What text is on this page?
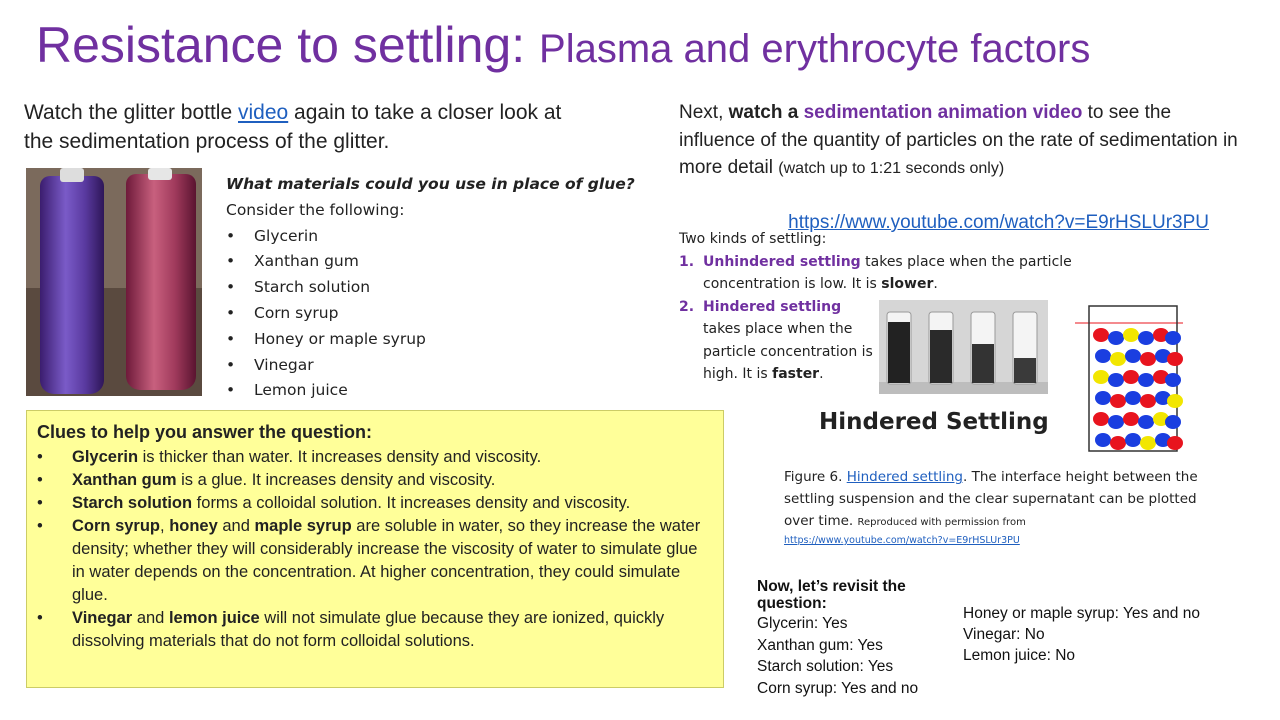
Watch the glitter bottle video again to take a closer look at the sedimentation process of the glitter.
Resistance to settling: Plasma and erythrocyte factors
Next, watch a sedimentation animation video to see the influence of the quantity of particles on the rate of sedimentation in more detail (watch up to 1:21 seconds only)
https://www.youtube.com/watch?v=E9rHSLUr3PU
What materials could you use in place of glue?
Consider the following:
• Glycerin
• Xanthan gum
• Starch solution
• Corn syrup
• Honey or maple syrup
• Vinegar
• Lemon juice
Clues to help you answer the question:
• Glycerin is thicker than water. It increases density and viscosity.
• Xanthan gum is a glue. It increases density and viscosity.
• Starch solution forms a colloidal solution. It increases density and viscosity.
• Corn syrup, honey and maple syrup are soluble in water, so they increase the water density; whether they will considerably increase the viscosity of water to simulate glue in water depends on the concentration. At higher concentration, they could simulate glue.
• Vinegar and lemon juice will not simulate glue because they are ionized, quickly dissolving materials that do not form colloidal solutions.
Two kinds of settling:
1. Unhindered settling takes place when the particle concentration is low. It is slower.
2. Hindered settling takes place when the particle concentration is high. It is faster.
Hindered Settling
Figure 6. Hindered settling. The interface height between the settling suspension and the clear supernatant can be plotted over time. Reproduced with permission from
https://www.youtube.com/watch?v=E9rHSLUr3PU
Now, let’s revisit the question:
Glycerin: Yes
Xanthan gum: Yes
Starch solution: Yes
Corn syrup: Yes and no
Honey or maple syrup: Yes and no
Vinegar: No
Lemon juice: No
